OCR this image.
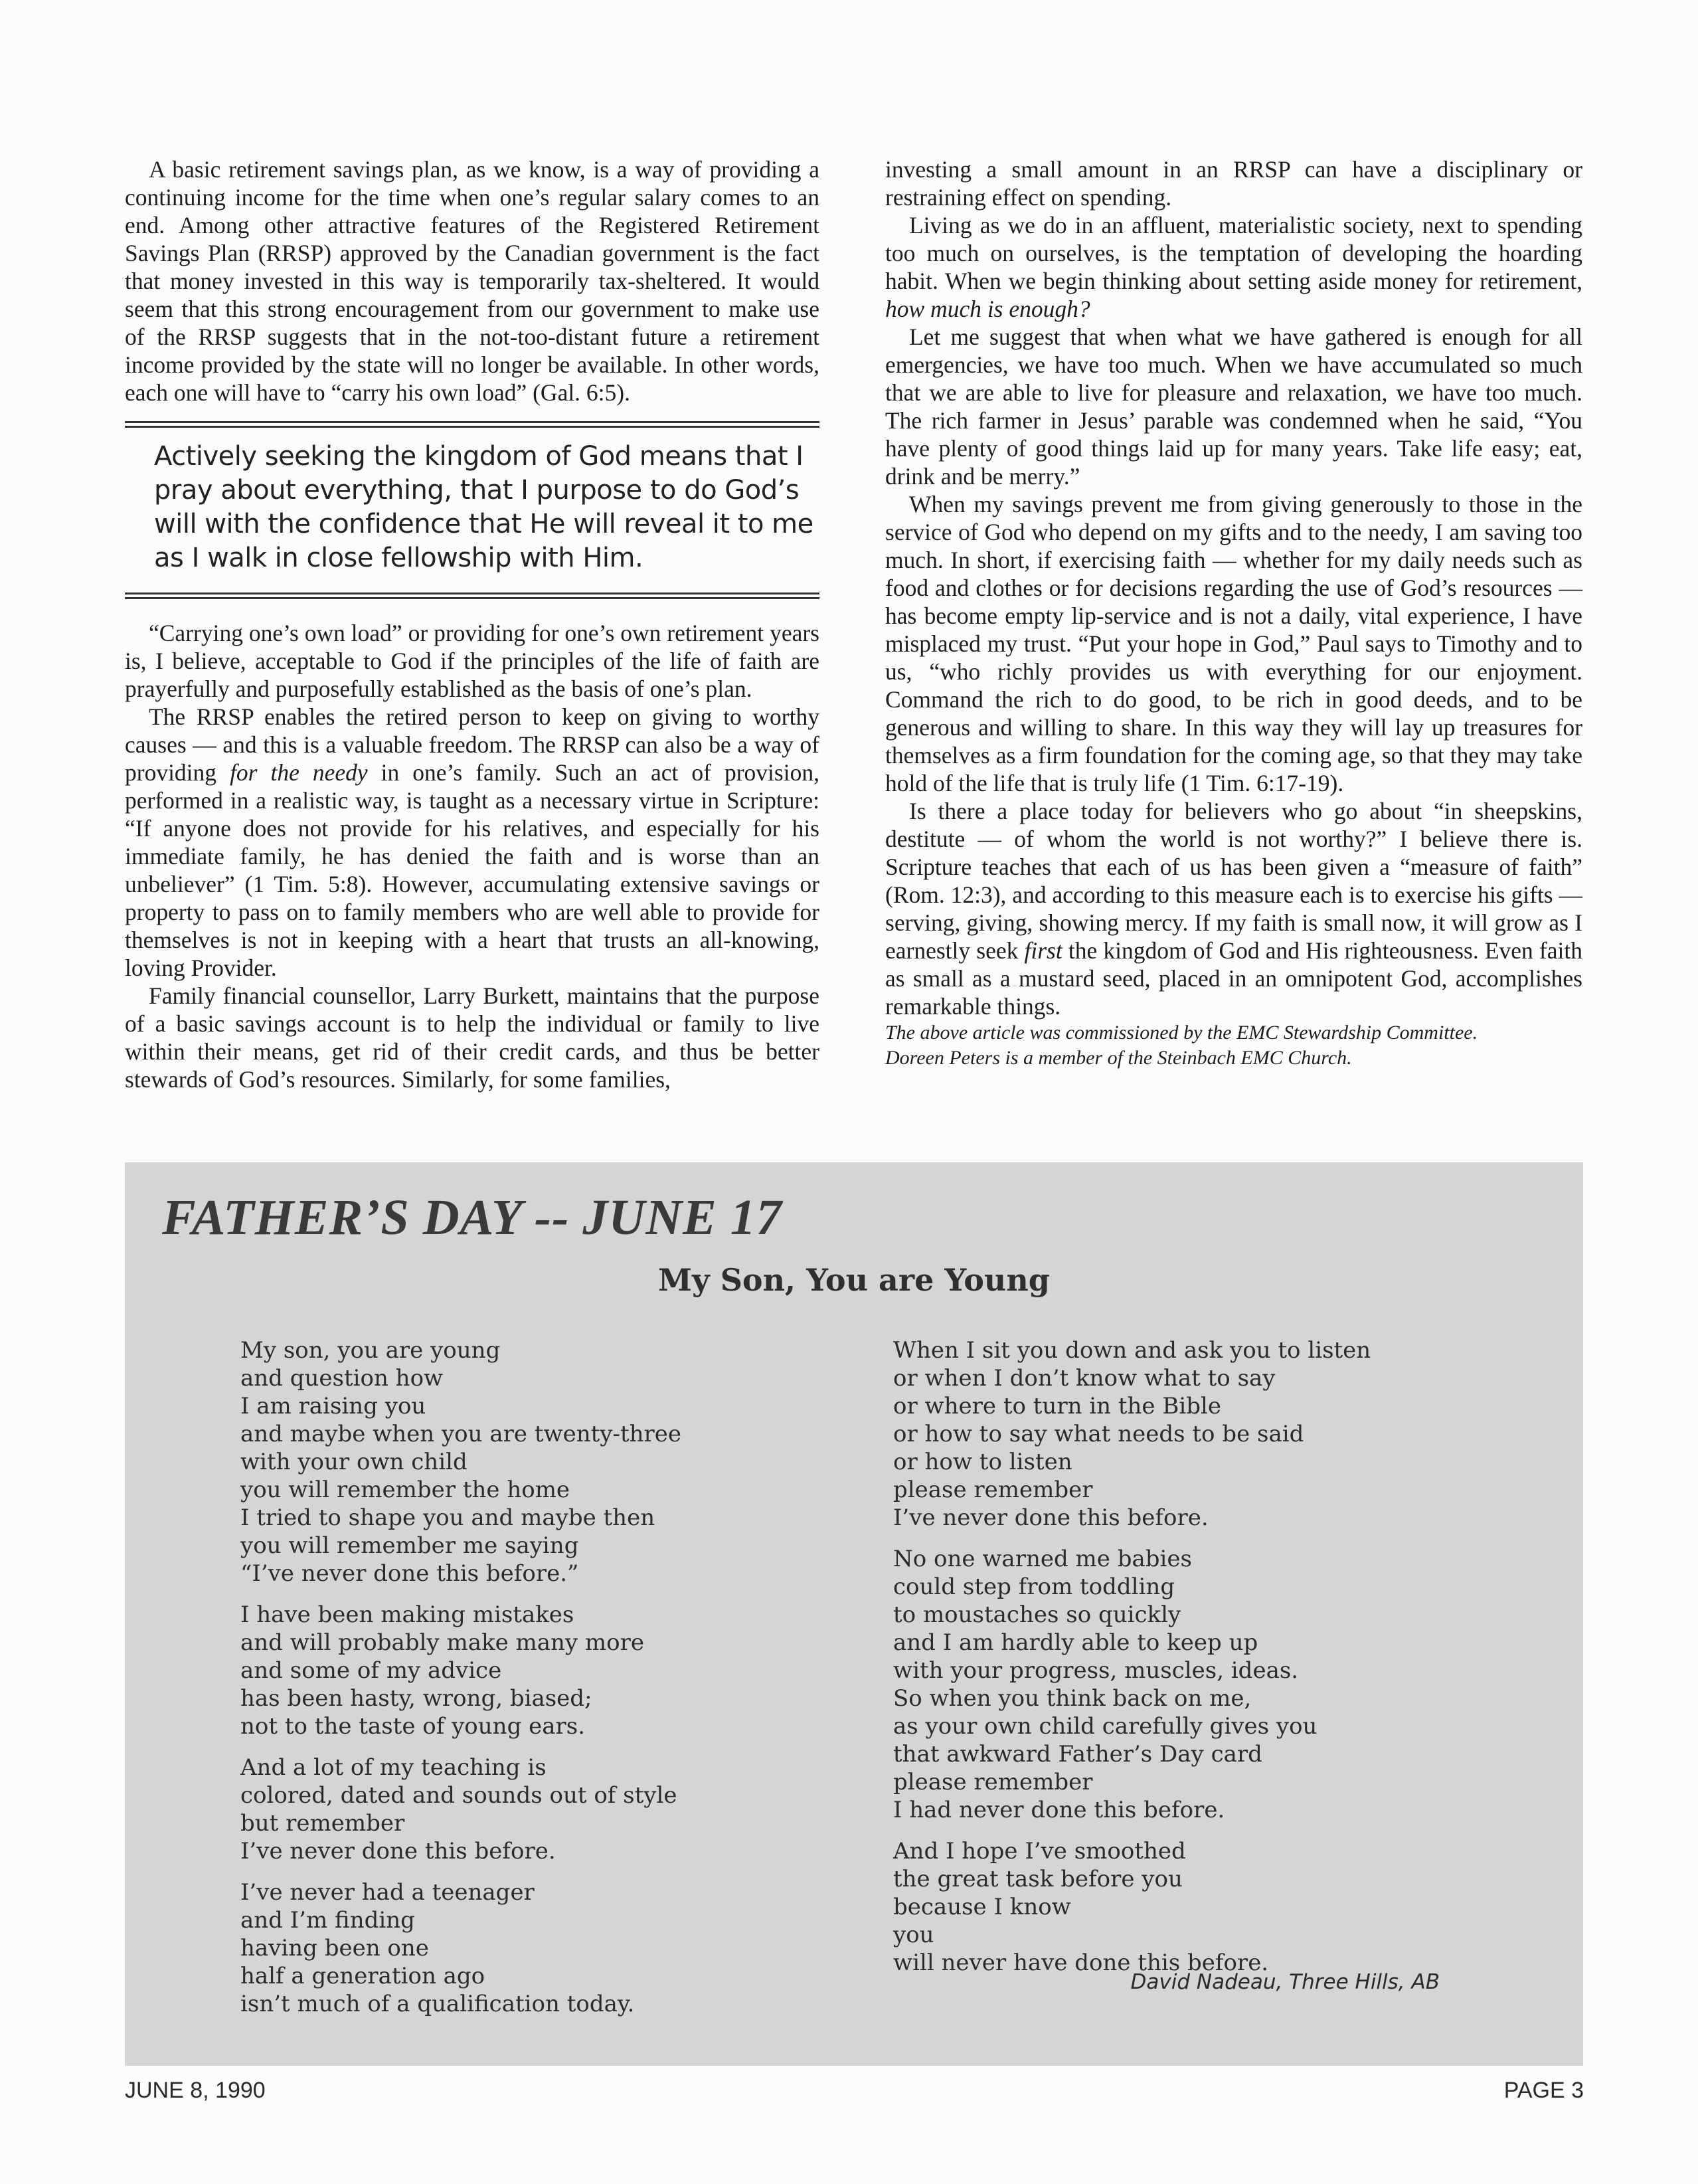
A basic retirement savings plan, as we know, is a way of providing a continuing income for the time when one’s regular salary comes to an end. Among other attractive features of the Registered Retirement Savings Plan (RRSP) approved by the Canadian government is the fact that money invested in this way is temporarily tax-sheltered. It would seem that this strong encouragement from our government to make use of the RRSP suggests that in the not-too-distant future a retirement income provided by the state will no longer be available. In other words, each one will have to “carry his own load” (Gal. 6:5).

Actively seeking the kingdom of God means that I pray about everything, that I purpose to do God’s will with the confidence that He will reveal it to me as I walk in close fellowship with Him.

“Carrying one’s own load” or providing for one’s own retirement years is, I believe, acceptable to God if the principles of the life of faith are prayerfully and purposefully established as the basis of one’s plan.

The RRSP enables the retired person to keep on giving to worthy causes — and this is a valuable freedom. The RRSP can also be a way of providing for the needy in one’s family. Such an act of provision, performed in a realistic way, is taught as a necessary virtue in Scripture: “If anyone does not provide for his relatives, and especially for his immediate family, he has denied the faith and is worse than an unbeliever” (1 Tim. 5:8). However, accumulating extensive savings or property to pass on to family members who are well able to provide for themselves is not in keeping with a heart that trusts an all-knowing, loving Provider.

Family financial counsellor, Larry Burkett, maintains that the purpose of a basic savings account is to help the individual or family to live within their means, get rid of their credit cards, and thus be better stewards of God’s resources. Similarly, for some families,

investing a small amount in an RRSP can have a disciplinary or restraining effect on spending.

Living as we do in an affluent, materialistic society, next to spending too much on ourselves, is the temptation of developing the hoarding habit. When we begin thinking about setting aside money for retirement, how much is enough?

Let me suggest that when what we have gathered is enough for all emergencies, we have too much. When we have accumulated so much that we are able to live for pleasure and relaxation, we have too much. The rich farmer in Jesus’ parable was condemned when he said, “You have plenty of good things laid up for many years. Take life easy; eat, drink and be merry.”

When my savings prevent me from giving generously to those in the service of God who depend on my gifts and to the needy, I am saving too much. In short, if exercising faith — whether for my daily needs such as food and clothes or for decisions regarding the use of God’s resources — has become empty lip-service and is not a daily, vital experience, I have misplaced my trust. “Put your hope in God,” Paul says to Timothy and to us, “who richly provides us with everything for our enjoyment. Command the rich to do good, to be rich in good deeds, and to be generous and willing to share. In this way they will lay up treasures for themselves as a firm foundation for the coming age, so that they may take hold of the life that is truly life (1 Tim. 6:17-19).

Is there a place today for believers who go about “in sheepskins, destitute — of whom the world is not worthy?” I believe there is. Scripture teaches that each of us has been given a “measure of faith” (Rom. 12:3), and according to this measure each is to exercise his gifts — serving, giving, showing mercy. If my faith is small now, it will grow as I earnestly seek first the kingdom of God and His righteousness. Even faith as small as a mustard seed, placed in an omnipotent God, accomplishes remarkable things.

The above article was commissioned by the EMC Stewardship Committee.
Doreen Peters is a member of the Steinbach EMC Church.

FATHER’S DAY -- JUNE 17
My Son, You are Young
My son, you are young
and question how
I am raising you
and maybe when you are twenty-three
with your own child
you will remember the home
I tried to shape you and maybe then
you will remember me saying
“I’ve never done this before.”
I have been making mistakes
and will probably make many more
and some of my advice
has been hasty, wrong, biased;
not to the taste of young ears.
And a lot of my teaching is
colored, dated and sounds out of style
but remember
I’ve never done this before.
I’ve never had a teenager
and I’m finding
having been one
half a generation ago
isn’t much of a qualification today.
When I sit you down and ask you to listen
or when I don’t know what to say
or where to turn in the Bible
or how to say what needs to be said
or how to listen
please remember
I’ve never done this before.
No one warned me babies
could step from toddling
to moustaches so quickly
and I am hardly able to keep up
with your progress, muscles, ideas.
So when you think back on me,
as your own child carefully gives you
that awkward Father’s Day card
please remember
I had never done this before.
And I hope I’ve smoothed
the great task before you
because I know
you
will never have done this before.
David Nadeau, Three Hills, AB
JUNE 8, 1990	PAGE 3
